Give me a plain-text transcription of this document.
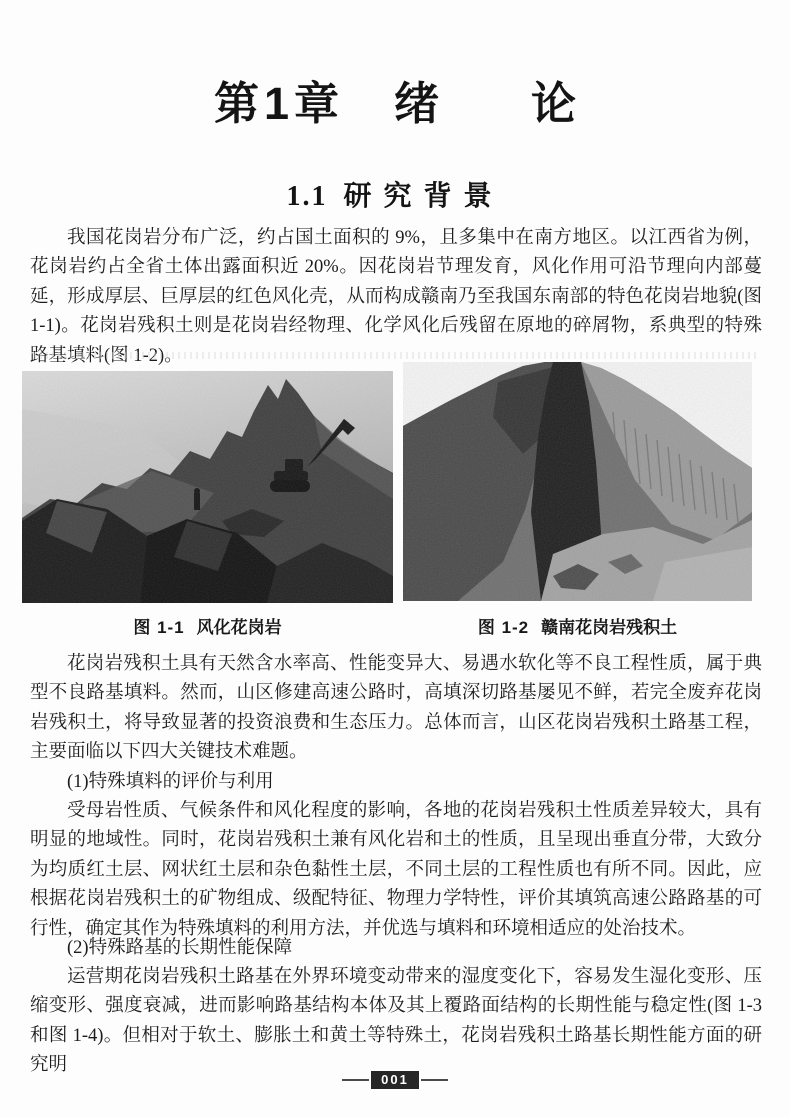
第1章 绪 论
1.1 研究背景

我国花岗岩分布广泛，约占国土面积的 9%，且多集中在南方地区。以江西省为例，花岗岩约占全省土体出露面积近 20%。因花岗岩节理发育，风化作用可沿节理向内部蔓延，形成厚层、巨厚层的红色风化壳，从而构成赣南乃至我国东南部的特色花岗岩地貌(图 1-1)。花岗岩残积土则是花岗岩经物理、化学风化后残留在原地的碎屑物，系典型的特殊路基填料(图 1-2)。

图 1-1 风化花岗岩	图 1-2 赣南花岗岩残积土

花岗岩残积土具有天然含水率高、性能变异大、易遇水软化等不良工程性质，属于典型不良路基填料。然而，山区修建高速公路时，高填深切路基屡见不鲜，若完全废弃花岗岩残积土，将导致显著的投资浪费和生态压力。总体而言，山区花岗岩残积土路基工程，主要面临以下四大关键技术难题。

(1)特殊填料的评价与利用

受母岩性质、气候条件和风化程度的影响，各地的花岗岩残积土性质差异较大，具有明显的地域性。同时，花岗岩残积土兼有风化岩和土的性质，且呈现出垂直分带，大致分为均质红土层、网状红土层和杂色黏性土层，不同土层的工程性质也有所不同。因此，应根据花岗岩残积土的矿物组成、级配特征、物理力学特性，评价其填筑高速公路路基的可行性，确定其作为特殊填料的利用方法，并优选与填料和环境相适应的处治技术。

(2)特殊路基的长期性能保障

运营期花岗岩残积土路基在外界环境变动带来的湿度变化下，容易发生湿化变形、压缩变形、强度衰减，进而影响路基结构本体及其上覆路面结构的长期性能与稳定性(图 1-3 和图 1-4)。但相对于软土、膨胀土和黄土等特殊土，花岗岩残积土路基长期性能方面的研究明

001
